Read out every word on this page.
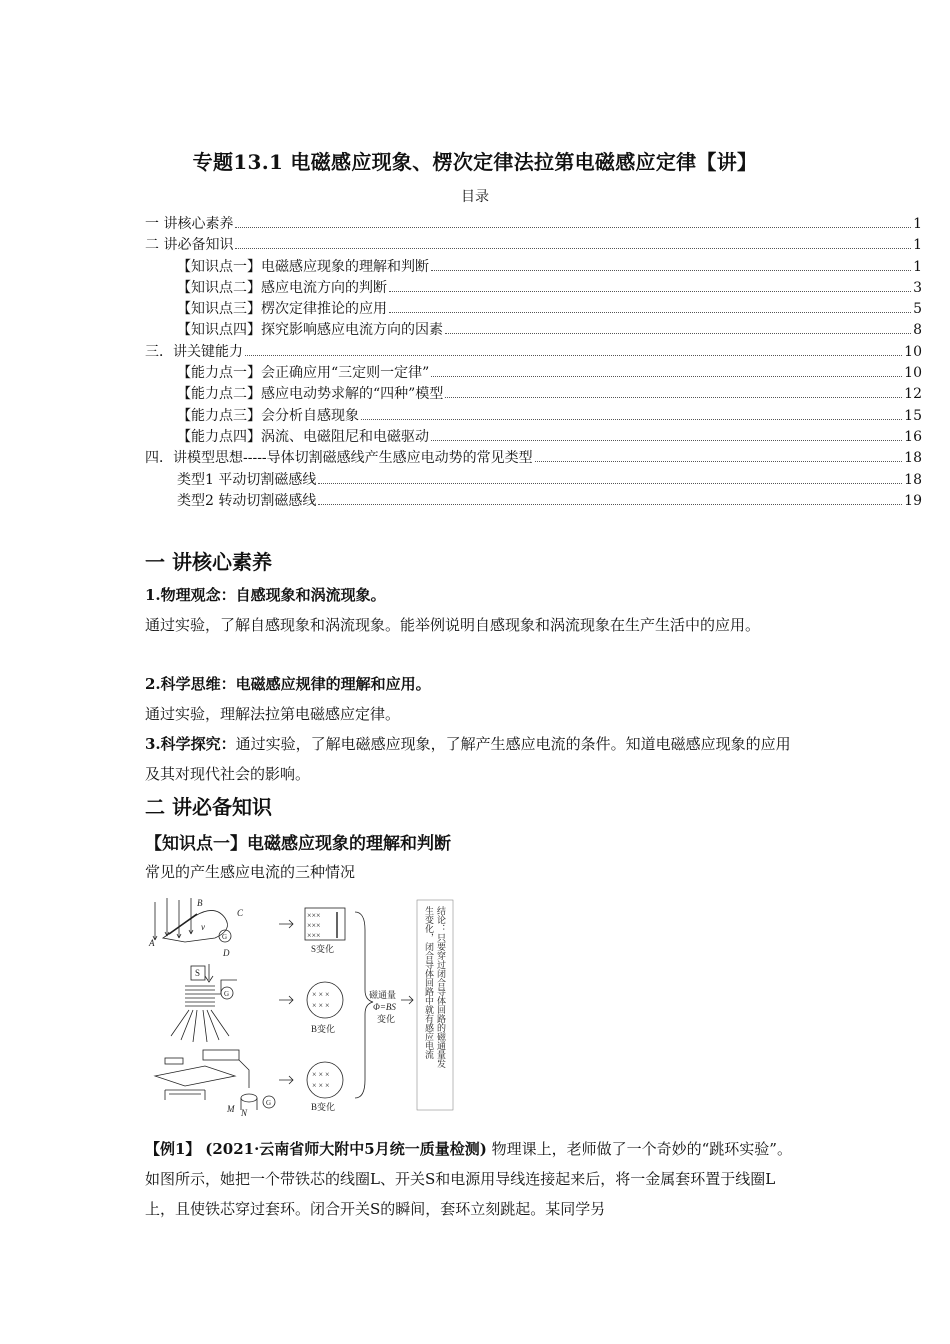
专题13.1 电磁感应现象、楞次定律法拉第电磁感应定律【讲】
目录
一 讲核心素养	1
二 讲必备知识	1
【知识点一】电磁感应现象的理解和判断	1
【知识点二】感应电流方向的判断	3
【知识点三】楞次定律推论的应用	5
【知识点四】探究影响感应电流方向的因素	8
三．讲关键能力	10
【能力点一】会正确应用“三定则一定律”	10
【能力点二】感应电动势求解的“四种”模型	12
【能力点三】会分析自感现象	15
【能力点四】涡流、电磁阻尼和电磁驱动	16
四．讲模型思想-----导体切割磁感线产生感应电动势的常见类型	18
类型1 平动切割磁感线	18
类型2 转动切割磁感线	19
一 讲核心素养
1.物理观念：自感现象和涡流现象。
通过实验，了解自感现象和涡流现象。能举例说明自感现象和涡流现象在生产生活中的应用。
2.科学思维：电磁感应规律的理解和应用。
通过实验，理解法拉第电磁感应定律。
3.科学探究：通过实验，了解电磁感应现象，了解产生感应电流的条件。知道电磁感应现象的应用及其对现代社会的影响。
二 讲必备知识
【知识点一】电磁感应现象的理解和判断
常见的产生感应电流的三种情况
A
B
C
D
v
G
S
G
M N
G
×××
×××
×××
S变化
× × ×
× × ×
B变化
× × ×
× × ×
B变化
磁通量
Φ=BS
变化	结论：只要穿过闭合导体回路的磁通量发
生变化，闭合导体回路中就有感应电流
【例1】 (2021·云南省师大附中5月统一质量检测) 物理课上，老师做了一个奇妙的“跳环实验”。如图所示，她把一个带铁芯的线圈L、开关S和电源用导线连接起来后，将一金属套环置于线圈L上，且使铁芯穿过套环。闭合开关S的瞬间，套环立刻跳起。某同学另
